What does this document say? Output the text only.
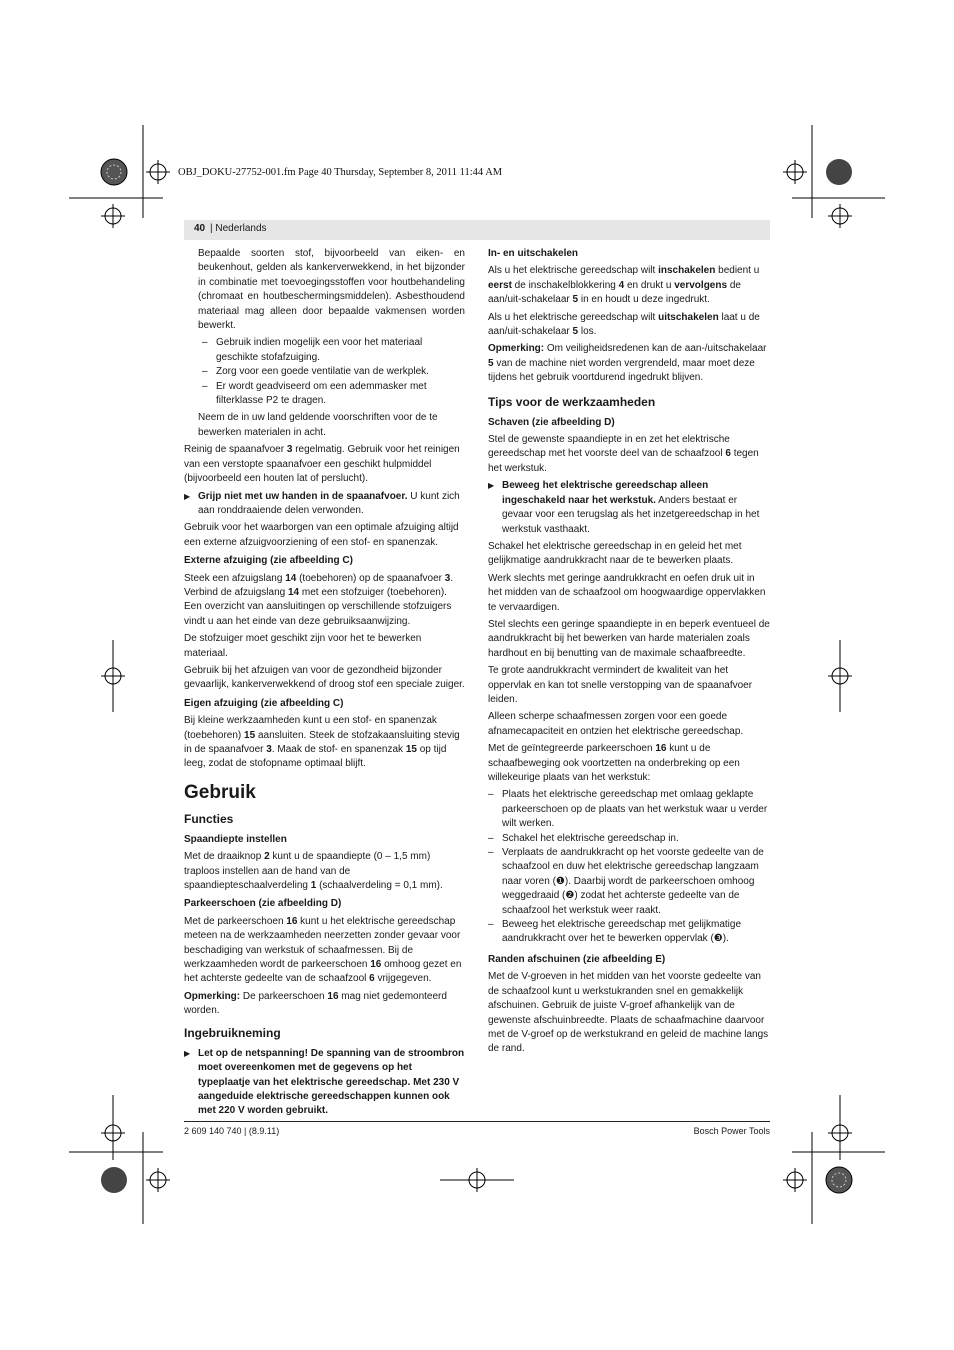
OBJ_DOKU-27752-001.fm Page 40 Thursday, September 8, 2011 11:44 AM
40 | Nederlands

Bepaalde soorten stof, bijvoorbeeld van eiken- en beukenhout, gelden als kankerverwekkend, in het bijzonder in combinatie met toevoegingsstoffen voor houtbehandeling (chromaat en houtbeschermingsmiddelen). Asbesthoudend materiaal mag alleen door bepaalde vakmensen worden bewerkt.

– Gebruik indien mogelijk een voor het materiaal geschikte stofafzuiging.
– Zorg voor een goede ventilatie van de werkplek.
– Er wordt geadviseerd om een ademmasker met filterklasse P2 te dragen.

Neem de in uw land geldende voorschriften voor de te bewerken materialen in acht.

Reinig de spaanafvoer 3 regelmatig. Gebruik voor het reinigen van een verstopte spaanafvoer een geschikt hulpmiddel (bijvoorbeeld een houten lat of perslucht).

▶ Grijp niet met uw handen in de spaanafvoer. U kunt zich aan ronddraaiende delen verwonden.

Gebruik voor het waarborgen van een optimale afzuiging altijd een externe afzuigvoorziening of een stof- en spanenzak.

Externe afzuiging (zie afbeelding C)

Steek een afzuigslang 14 (toebehoren) op de spaanafvoer 3. Verbind de afzuigslang 14 met een stofzuiger (toebehoren). Een overzicht van aansluitingen op verschillende stofzuigers vindt u aan het einde van deze gebruiksaanwijzing.

De stofzuiger moet geschikt zijn voor het te bewerken materiaal.

Gebruik bij het afzuigen van voor de gezondheid bijzonder gevaarlijk, kankerverwekkend of droog stof een speciale zuiger.

Eigen afzuiging (zie afbeelding C)

Bij kleine werkzaamheden kunt u een stof- en spanenzak (toebehoren) 15 aansluiten. Steek de stofzakaansluiting stevig in de spaanafvoer 3. Maak de stof- en spanenzak 15 op tijd leeg, zodat de stofopname optimaal blijft.

Gebruik
Functies
Spaandiepte instellen

Met de draaiknop 2 kunt u de spaandiepte (0 – 1,5 mm) traploos instellen aan de hand van de spaandiepteschaalverdeling 1 (schaalverdeling = 0,1 mm).

Parkeerschoen (zie afbeelding D)

Met de parkeerschoen 16 kunt u het elektrische gereedschap meteen na de werkzaamheden neerzetten zonder gevaar voor beschadiging van werkstuk of schaafmessen. Bij de werkzaamheden wordt de parkeerschoen 16 omhoog gezet en het achterste gedeelte van de schaafzool 6 vrijgegeven.

Opmerking: De parkeerschoen 16 mag niet gedemonteerd worden.

Ingebruikneming
▶ Let op de netspanning! De spanning van de stroombron moet overeenkomen met de gegevens op het typeplaatje van het elektrische gereedschap. Met 230 V aangeduide elektrische gereedschappen kunnen ook met 220 V worden gebruikt.
In- en uitschakelen

Als u het elektrische gereedschap wilt inschakelen bedient u eerst de inschakelblokkering 4 en drukt u vervolgens de aan/uit-schakelaar 5 in en houdt u deze ingedrukt.

Als u het elektrische gereedschap wilt uitschakelen laat u de aan/uit-schakelaar 5 los.

Opmerking: Om veiligheidsredenen kan de aan-/uitschakelaar 5 van de machine niet worden vergrendeld, maar moet deze tijdens het gebruik voortdurend ingedrukt blijven.

Tips voor de werkzaamheden
Schaven (zie afbeelding D)

Stel de gewenste spaandiepte in en zet het elektrische gereedschap met het voorste deel van de schaafzool 6 tegen het werkstuk.

▶ Beweeg het elektrische gereedschap alleen ingeschakeld naar het werkstuk. Anders bestaat er gevaar voor een terugslag als het inzetgereedschap in het werkstuk vasthaakt.

Schakel het elektrische gereedschap in en geleid het met gelijkmatige aandrukkracht naar de te bewerken plaats.

Werk slechts met geringe aandrukkracht en oefen druk uit in het midden van de schaafzool om hoogwaardige oppervlakken te vervaardigen.

Stel slechts een geringe spaandiepte in en beperk eventueel de aandrukkracht bij het bewerken van harde materialen zoals hardhout en bij benutting van de maximale schaafbreedte.

Te grote aandrukkracht vermindert de kwaliteit van het oppervlak en kan tot snelle verstopping van de spaanafvoer leiden.

Alleen scherpe schaafmessen zorgen voor een goede afnamecapaciteit en ontzien het elektrische gereedschap.

Met de geïntegreerde parkeerschoen 16 kunt u de schaafbeweging ook voortzetten na onderbreking op een willekeurige plaats van het werkstuk:

– Plaats het elektrische gereedschap met omlaag geklapte parkeerschoen op de plaats van het werkstuk waar u verder wilt werken.
– Schakel het elektrische gereedschap in.
– Verplaats de aandrukkracht op het voorste gedeelte van de schaafzool en duw het elektrische gereedschap langzaam naar voren (❶). Daarbij wordt de parkeerschoen omhoog weggedraaid (❷) zodat het achterste gedeelte van de schaafzool het werkstuk weer raakt.
– Beweeg het elektrische gereedschap met gelijkmatige aandrukkracht over het te bewerken oppervlak (❸).
Randen afschuinen (zie afbeelding E)

Met de V-groeven in het midden van het voorste gedeelte van de schaafzool kunt u werkstukranden snel en gemakkelijk afschuinen. Gebruik de juiste V-groef afhankelijk van de gewenste afschuinbreedte. Plaats de schaafmachine daarvoor met de V-groef op de werkstukrand en geleid de machine langs de rand.

2 609 140 740 | (8.9.11)	Bosch Power Tools
